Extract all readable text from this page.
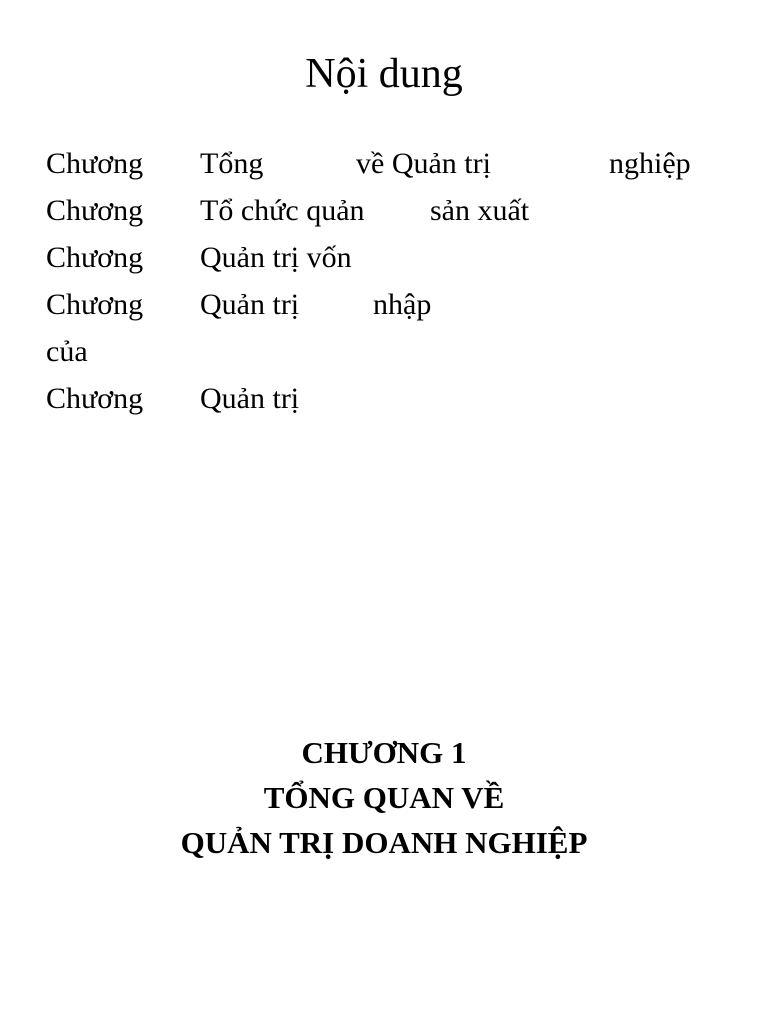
Nội dung
Chương Tổng	về Quản trị	nghiệp
Chương Tổ chức quản sản xuất
Chương Quản trị vốn
Chương Quản trị nhập
của
Chương Quản trị
CHƯƠNG 1
TỔNG QUAN VỀ
QUẢN TRỊ DOANH NGHIỆP
